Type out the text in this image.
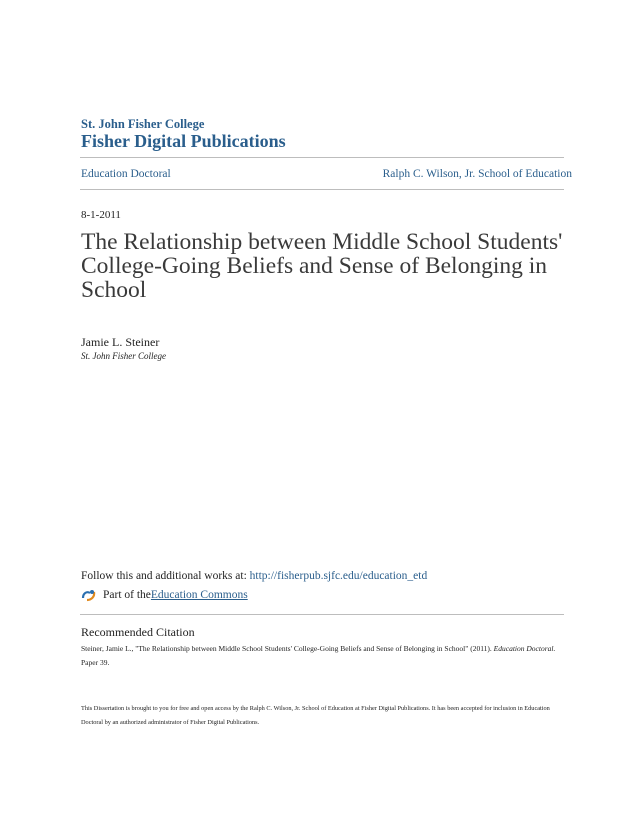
St. John Fisher College
Fisher Digital Publications
Education Doctoral	Ralph C. Wilson, Jr. School of Education
8-1-2011
The Relationship between Middle School Students' College-Going Beliefs and Sense of Belonging in School
Jamie L. Steiner
St. John Fisher College
Follow this and additional works at: http://fisherpub.sjfc.edu/education_etd
Part of the Education Commons
Recommended Citation
Steiner, Jamie L., "The Relationship between Middle School Students' College-Going Beliefs and Sense of Belonging in School" (2011). Education Doctoral. Paper 39.
This Dissertation is brought to you for free and open access by the Ralph C. Wilson, Jr. School of Education at Fisher Digital Publications. It has been accepted for inclusion in Education Doctoral by an authorized administrator of Fisher Digital Publications.
